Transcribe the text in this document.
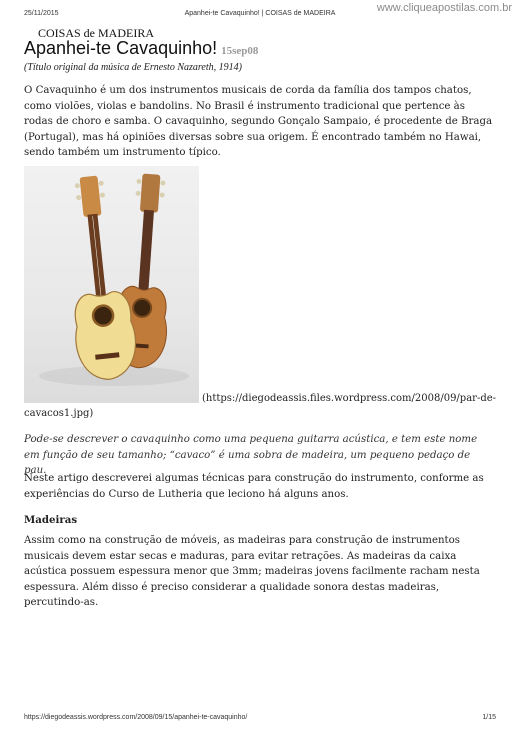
25/11/2015	Apanhei-te Cavaquinho! | COISAS de MADEIRA	www.cliqueapostilas.com.br
COISAS de MADEIRA
Apanhei-te Cavaquinho! 15sep08
(Título original da música de Ernesto Nazareth, 1914)

O Cavaquinho é um dos instrumentos musicais de corda da família dos tampos chatos, como violões, violas e bandolins. No Brasil é instrumento tradicional que pertence às rodas de choro e samba. O cavaquinho, segundo Gonçalo Sampaio, é procedente de Braga (Portugal), mas há opiniões diversas sobre sua origem. É encontrado também no Hawai, sendo também um instrumento típico.

(https://diegodeassis.files.wordpress.com/2008/09/par-de-
cavacos1.jpg)

Pode-se descrever o cavaquinho como uma pequena guitarra acústica, e tem este nome em função de seu tamanho; “cavaco” é uma sobra de madeira, um pequeno pedaço de pau.

Neste artigo descreverei algumas técnicas para construção do instrumento, conforme as experiências do Curso de Lutheria que leciono há alguns anos.

Madeiras

Assim como na construção de móveis, as madeiras para construção de instrumentos musicais devem estar secas e maduras, para evitar retrações. As madeiras da caixa acústica possuem espessura menor que 3mm; madeiras jovens facilmente racham nesta espessura. Além disso é preciso considerar a qualidade sonora destas madeiras, percutindo-as.

https://diegodeassis.wordpress.com/2008/09/15/apanhei-te-cavaquinho/	1/15
